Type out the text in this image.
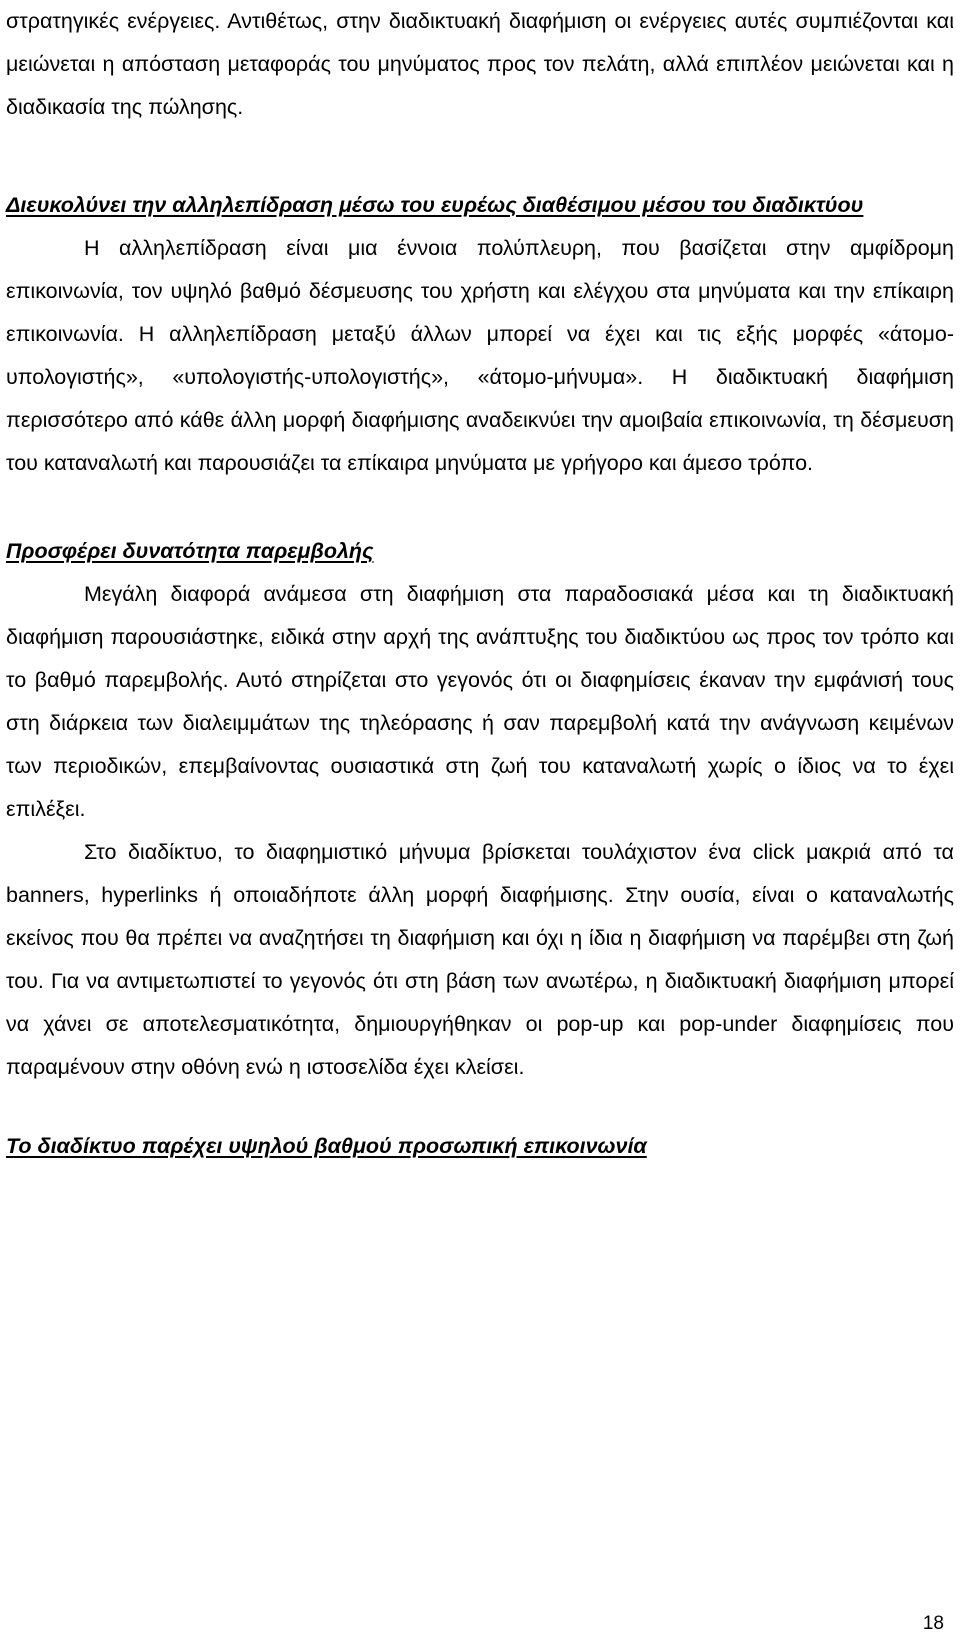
στρατηγικές ενέργειες. Αντιθέτως, στην διαδικτυακή διαφήμιση οι ενέργειες αυτές συμπιέζονται και μειώνεται η απόσταση μεταφοράς του μηνύματος προς τον πελάτη, αλλά επιπλέον μειώνεται και η διαδικασία της πώλησης.

Διευκολύνει την αλληλεπίδραση μέσω του ευρέως διαθέσιμου μέσου του διαδικτύου

Η αλληλεπίδραση είναι μια έννοια πολύπλευρη, που βασίζεται στην αμφίδρομη επικοινωνία, τον υψηλό βαθμό δέσμευσης του χρήστη και ελέγχου στα μηνύματα και την επίκαιρη επικοινωνία. Η αλληλεπίδραση μεταξύ άλλων μπορεί να έχει και τις εξής μορφές «άτομο-υπολογιστής», «υπολογιστής-υπολογιστής», «άτομο-μήνυμα». Η διαδικτυακή διαφήμιση περισσότερο από κάθε άλλη μορφή διαφήμισης αναδεικνύει την αμοιβαία επικοινωνία, τη δέσμευση του καταναλωτή και παρουσιάζει τα επίκαιρα μηνύματα με γρήγορο και άμεσο τρόπο.

Προσφέρει δυνατότητα παρεμβολής

Μεγάλη διαφορά ανάμεσα στη διαφήμιση στα παραδοσιακά μέσα και τη διαδικτυακή διαφήμιση παρουσιάστηκε, ειδικά στην αρχή της ανάπτυξης του διαδικτύου ως προς τον τρόπο και το βαθμό παρεμβολής. Αυτό στηρίζεται στο γεγονός ότι οι διαφημίσεις έκαναν την εμφάνισή τους στη διάρκεια των διαλειμμάτων της τηλεόρασης ή σαν παρεμβολή κατά την ανάγνωση κειμένων των περιοδικών, επεμβαίνοντας ουσιαστικά στη ζωή του καταναλωτή χωρίς ο ίδιος να το έχει επιλέξει.

Στο διαδίκτυο, το διαφημιστικό μήνυμα βρίσκεται τουλάχιστον ένα click μακριά από τα banners, hyperlinks ή οποιαδήποτε άλλη μορφή διαφήμισης. Στην ουσία, είναι ο καταναλωτής εκείνος που θα πρέπει να αναζητήσει τη διαφήμιση και όχι η ίδια η διαφήμιση να παρέμβει στη ζωή του. Για να αντιμετωπιστεί το γεγονός ότι στη βάση των ανωτέρω, η διαδικτυακή διαφήμιση μπορεί να χάνει σε αποτελεσματικότητα, δημιουργήθηκαν οι pop-up και pop-under διαφημίσεις που παραμένουν στην οθόνη ενώ η ιστοσελίδα έχει κλείσει.

Το διαδίκτυο παρέχει υψηλού βαθμού προσωπική επικοινωνία
18
